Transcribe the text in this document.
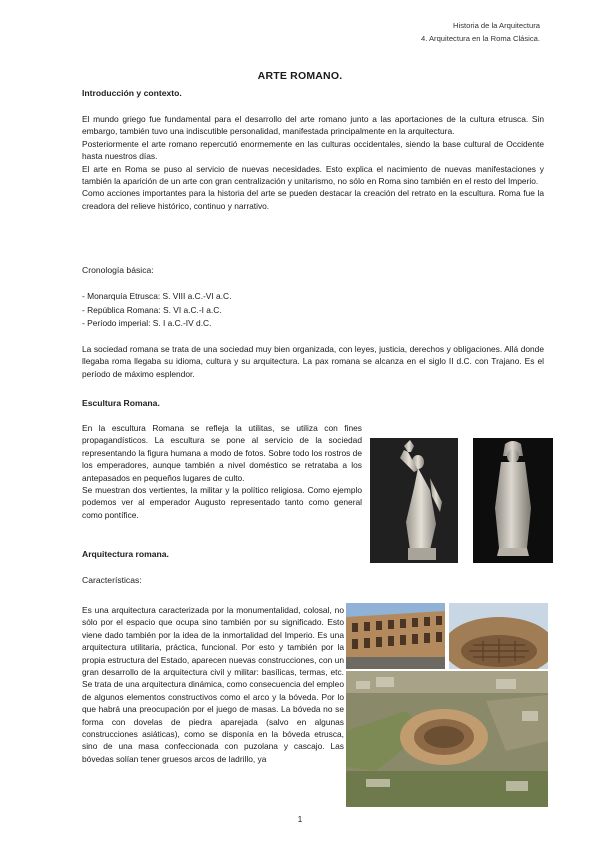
Historia de la Arquitectura
4. Arquitectura en la Roma Clásica.
ARTE ROMANO.
Introducción y contexto.

El mundo griego fue fundamental para el desarrollo del arte romano junto a las aportaciones de la cultura etrusca. Sin embargo, también tuvo una indiscutible personalidad, manifestada principalmente en la arquitectura.

Posteriormente el arte romano repercutió enormemente en las culturas occidentales, siendo la base cultural de Occidente hasta nuestros días.

El arte en Roma se puso al servicio de nuevas necesidades. Esto explica el nacimiento de nuevas manifestaciones y también la aparición de un arte con gran centralización y unitarismo, no sólo en Roma sino también en el resto del Imperio.

Como acciones importantes para la historia del arte se pueden destacar la creación del retrato en la escultura. Roma fue la creadora del relieve histórico, continuo y narrativo.

Cronología básica:
- Monarquía Etrusca: S. VIII a.C.-VI a.C.
- República Romana: S. VI a.C.-I a.C.
- Período imperial: S. I a.C.-IV d.C.
La sociedad romana se trata de una sociedad muy bien organizada, con leyes, justicia, derechos y obligaciones. Allá donde llegaba roma llegaba su idioma, cultura y su arquitectura. La pax romana se alcanza en el siglo II d.C. con Trajano. Es el período de máximo esplendor.
Escultura Romana.

En la escultura Romana se refleja la utilitas, se utiliza con fines propagandísticos. La escultura se pone al servicio de la sociedad representando la figura humana a modo de fotos. Sobre todo los rostros de los emperadores, aunque también a nivel doméstico se retrataba a los antepasados en pequeños lugares de culto.

Se muestran dos vertientes, la militar y la político religiosa. Como ejemplo podemos ver al emperador Augusto representado tanto como general como pontífice.

Arquitectura romana.
Características:
Es una arquitectura caracterizada por la monumentalidad, colosal, no sólo por el espacio que ocupa sino también por su significado. Esto viene dado también por la idea de la inmortalidad del Imperio. Es una arquitectura utilitaria, práctica, funcional. Por esto y también por la propia estructura del Estado, aparecen nuevas construcciones, con un gran desarrollo de la arquitectura civil y militar: basílicas, termas, etc. Se trata de una arquitectura dinámica, como consecuencia del empleo de algunos elementos constructivos como el arco y la bóveda. Por lo que habrá una preocupación por el juego de masas. La bóveda no se forma con dovelas de piedra aparejada (salvo en algunas construcciones asiáticas), como se disponía en la bóveda etrusca, sino de una masa confeccionada con puzolana y cascajo. Las bóvedas solían tener gruesos arcos de ladrillo, ya
1
